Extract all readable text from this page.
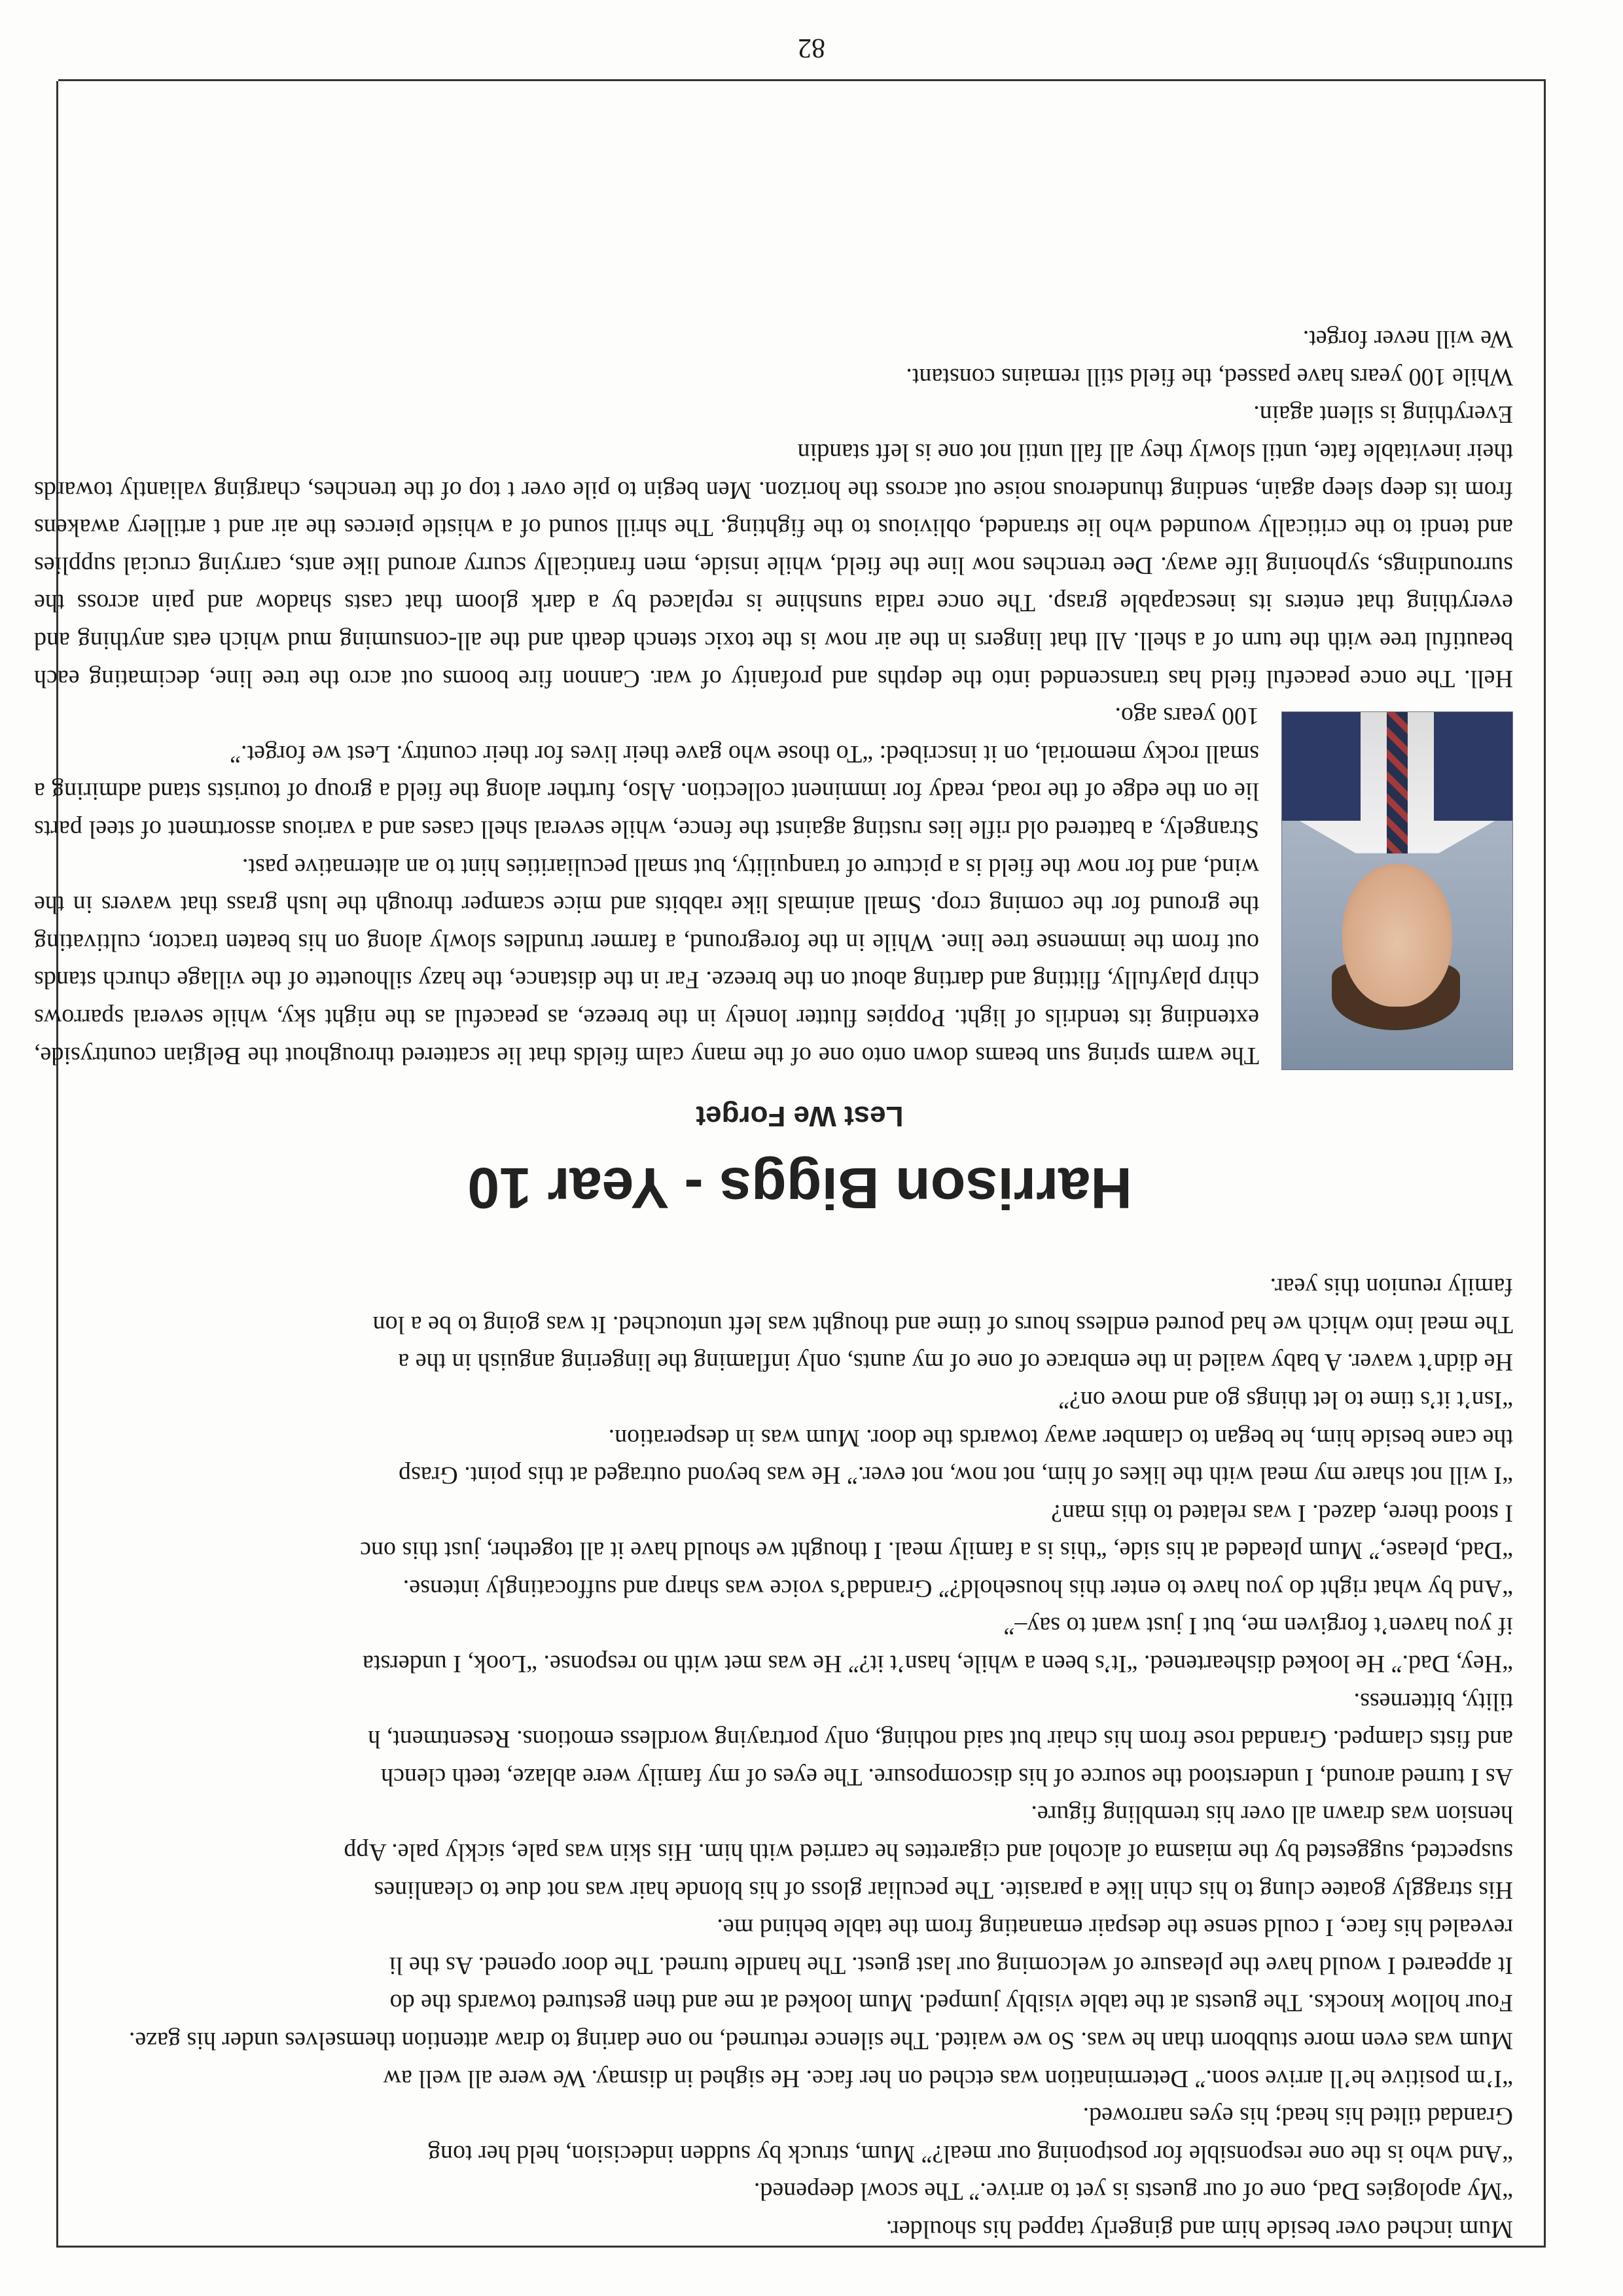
Mum inched over beside him and gingerly tapped his shoulder.

“My apologies Dad, one of our guests is yet to arrive.” The scowl deepened.

“And who is the one responsible for postponing our meal?” Mum, struck by sudden indecision, held her tong

Grandad tilted his head; his eyes narrowed.

“I’m positive he’ll arrive soon.” Determination was etched on her face. He sighed in dismay. We were all well aw

Mum was even more stubborn than he was. So we waited. The silence returned, no one daring to draw attention themselves under his gaze.

Four hollow knocks. The guests at the table visibly jumped. Mum looked at me and then gestured towards the do

It appeared I would have the pleasure of welcoming our last guest. The handle turned. The door opened. As the li

revealed his face, I could sense the despair emanating from the table behind me.

His straggly goatee clung to his chin like a parasite. The peculiar gloss of his blonde hair was not due to cleanlines

suspected, suggested by the miasma of alcohol and cigarettes he carried with him. His skin was pale, sickly pale. App

hension was drawn all over his trembling figure.

As I turned around, I understood the source of his discomposure. The eyes of my family were ablaze, teeth clench

and fists clamped. Grandad rose from his chair but said nothing, only portraying wordless emotions. Resentment, h

tility, bitterness.

“Hey, Dad.” He looked disheartened. “It’s been a while, hasn’t it?” He was met with no response. “Look, I understa

if you haven’t forgiven me, but I just want to say–”

“And by what right do you have to enter this household?” Grandad’s voice was sharp and suffocatingly intense.

“Dad, please,” Mum pleaded at his side, “this is a family meal. I thought we should have it all together, just this onc

I stood there, dazed. I was related to this man?

“I will not share my meal with the likes of him, not now, not ever.” He was beyond outraged at this point. Grasp

the cane beside him, he began to clamber away towards the door. Mum was in desperation.

“Isn’t it’s time to let things go and move on?”

He didn’t waver. A baby wailed in the embrace of one of my aunts, only inflaming the lingering anguish in the a

The meal into which we had poured endless hours of time and thought was left untouched. It was going to be a lon

family reunion this year.

Harrison Biggs - Year 10
Lest We Forget

The warm spring sun beams down onto one of the many calm fields that lie scattered throughout the Belgian countryside, extending its tendrils of light. Poppies flutter lonely in the breeze, as peaceful as the night sky, while several sparrows chirp playfully, flitting and darting about on the breeze. Far in the distance, the hazy silhouette of the village church stands out from the immense tree line. While in the foreground, a farmer trundles slowly along on his beaten tractor, cultivating the ground for the coming crop. Small animals like rabbits and mice scamper through the lush grass that wavers in the wind, and for now the field is a picture of tranquility, but small peculiarities hint to an alternative past.

Strangely, a battered old rifle lies rusting against the fence, while several shell cases and a various assortment of steel parts lie on the edge of the road, ready for imminent collection. Also, further along the field a group of tourists stand admiring a small rocky memorial, on it inscribed: “To those who gave their lives for their country. Lest we forget.”

100 years ago.

Hell. The once peaceful field has transcended into the depths and profanity of war. Cannon fire booms out acro the tree line, decimating each beautiful tree with the turn of a shell. All that lingers in the air now is the toxic stench death and the all-consuming mud which eats anything and everything that enters its inescapable grasp. The once radia sunshine is replaced by a dark gloom that casts shadow and pain across the surroundings, syphoning life away. Dee trenches now line the field, while inside, men frantically scurry around like ants, carrying crucial supplies and tendi to the critically wounded who lie stranded, oblivious to the fighting. The shrill sound of a whistle pierces the air and t artillery awakens from its deep sleep again, sending thunderous noise out across the horizon. Men begin to pile over t top of the trenches, charging valiantly towards their inevitable fate, until slowly they all fall until not one is left standin

Everything is silent again.

While 100 years have passed, the field still remains constant.

We will never forget.

82
